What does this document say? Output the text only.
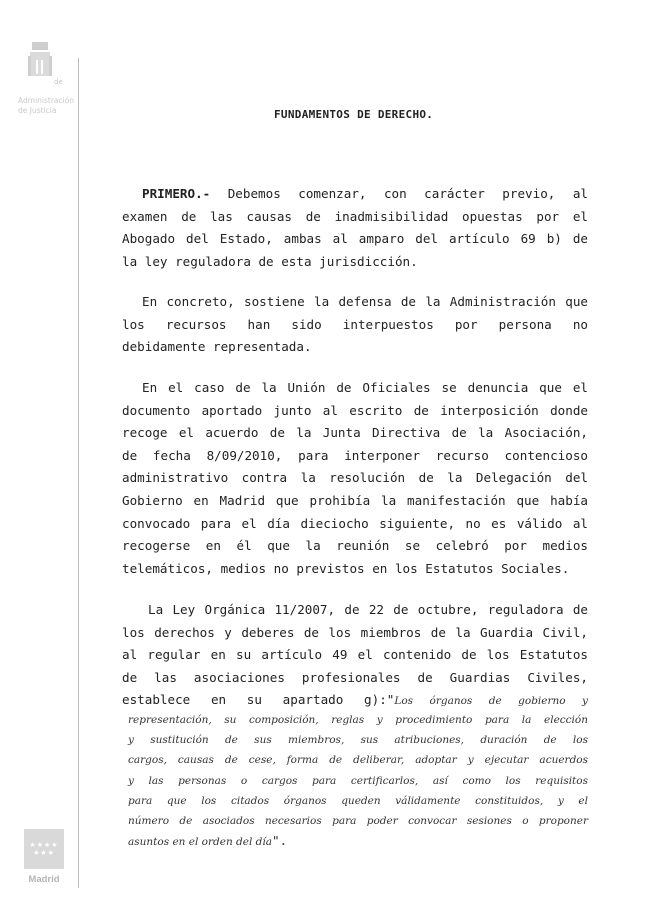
de
Administración
de Justicia
★★★★
★★★
Madrid
FUNDAMENTOS DE DERECHO.
PRIMERO.- Debemos comenzar, con carácter previo, al
examen de las causas de inadmisibilidad opuestas por el
Abogado del Estado, ambas al amparo del artículo 69 b) de
la ley reguladora de esta jurisdicción.
En concreto, sostiene la defensa de la Administración que
los recursos han sido interpuestos por persona no
debidamente representada.
En el caso de la Unión de Oficiales se denuncia que el
documento aportado junto al escrito de interposición donde
recoge el acuerdo de la Junta Directiva de la Asociación,
de fecha 8/09/2010, para interponer recurso contencioso
administrativo contra la resolución de la Delegación del
Gobierno en Madrid que prohibía la manifestación que había
convocado para el día dieciocho siguiente, no es válido al
recogerse en él que la reunión se celebró por medios
telemáticos, medios no previstos en los Estatutos Sociales.
La Ley Orgánica 11/2007, de 22 de octubre, reguladora de
los derechos y deberes de los miembros de la Guardia Civil,
al regular en su artículo 49 el contenido de los Estatutos
de las asociaciones profesionales de Guardias Civiles,
establece en su apartado g):"Los órganos de gobierno y
representación, su composición, reglas y procedimiento para la elección
y sustitución de sus miembros, sus atribuciones, duración de los
cargos, causas de cese, forma de deliberar, adoptar y ejecutar acuerdos
y las personas o cargos para certificarlos, así como los requisitos
para que los citados órganos queden válidamente constituidos, y el
número de asociados necesarios para poder convocar sesiones o proponer
asuntos en el orden del día".
